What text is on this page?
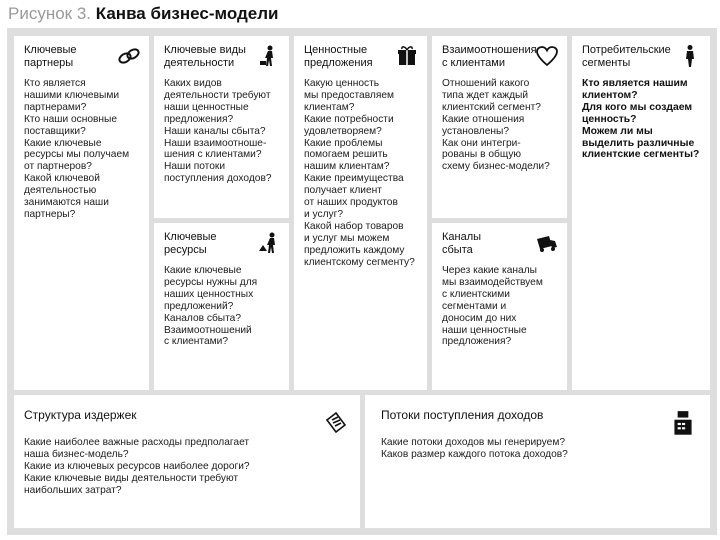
Рисунок 3. Канва бизнес-модели
Ключевые
партнеры
Кто является
нашими ключевыми
партнерами?
Кто наши основные
поставщики?
Какие ключевые
ресурсы мы получаем
от партнеров?
Какой ключевой
деятельностью
занимаются наши
партнеры?
Ключевые виды
деятельности
Каких видов
деятельности требуют
наши ценностные
предложения?
Наши каналы сбыта?
Наши взаимоотноше-
шения с клиентами?
Наши потоки
поступления доходов?
Ключевые
ресурсы
Какие ключевые
ресурсы нужны для
наших ценностных
предложений?
Каналов сбыта?
Взаимоотношений
с клиентами?
Ценностные
предложения
Какую ценность
мы предоставляем
клиентам?
Какие потребности
удовлетворяем?
Какие проблемы
помогаем решить
нашим клиентам?
Какие преимущества
получает клиент
от наших продуктов
и услуг?
Какой набор товаров
и услуг мы можем
предложить каждому
клиентскому сегменту?
Взаимоотношения
с клиентами
Отношений какого
типа ждет каждый
клиентский сегмент?
Какие отношения
установлены?
Как они интегри-
рованы в общую
схему бизнес-модели?
Каналы
сбыта
Через какие каналы
мы взаимодействуем
с клиентскими
сегментами и
доносим до них
наши ценностные
предложения?
Потребительские
сегменты
Кто является нашим
клиентом?
Для кого мы создаем
ценность?
Можем ли мы
выделить различные
клиентские сегменты?
Структура издержек
Какие наиболее важные расходы предполагает
наша бизнес-модель?
Какие из ключевых ресурсов наиболее дороги?
Какие ключевые виды деятельности требуют
наибольших затрат?
Потоки поступления доходов
Какие потоки доходов мы генерируем?
Каков размер каждого потока доходов?
